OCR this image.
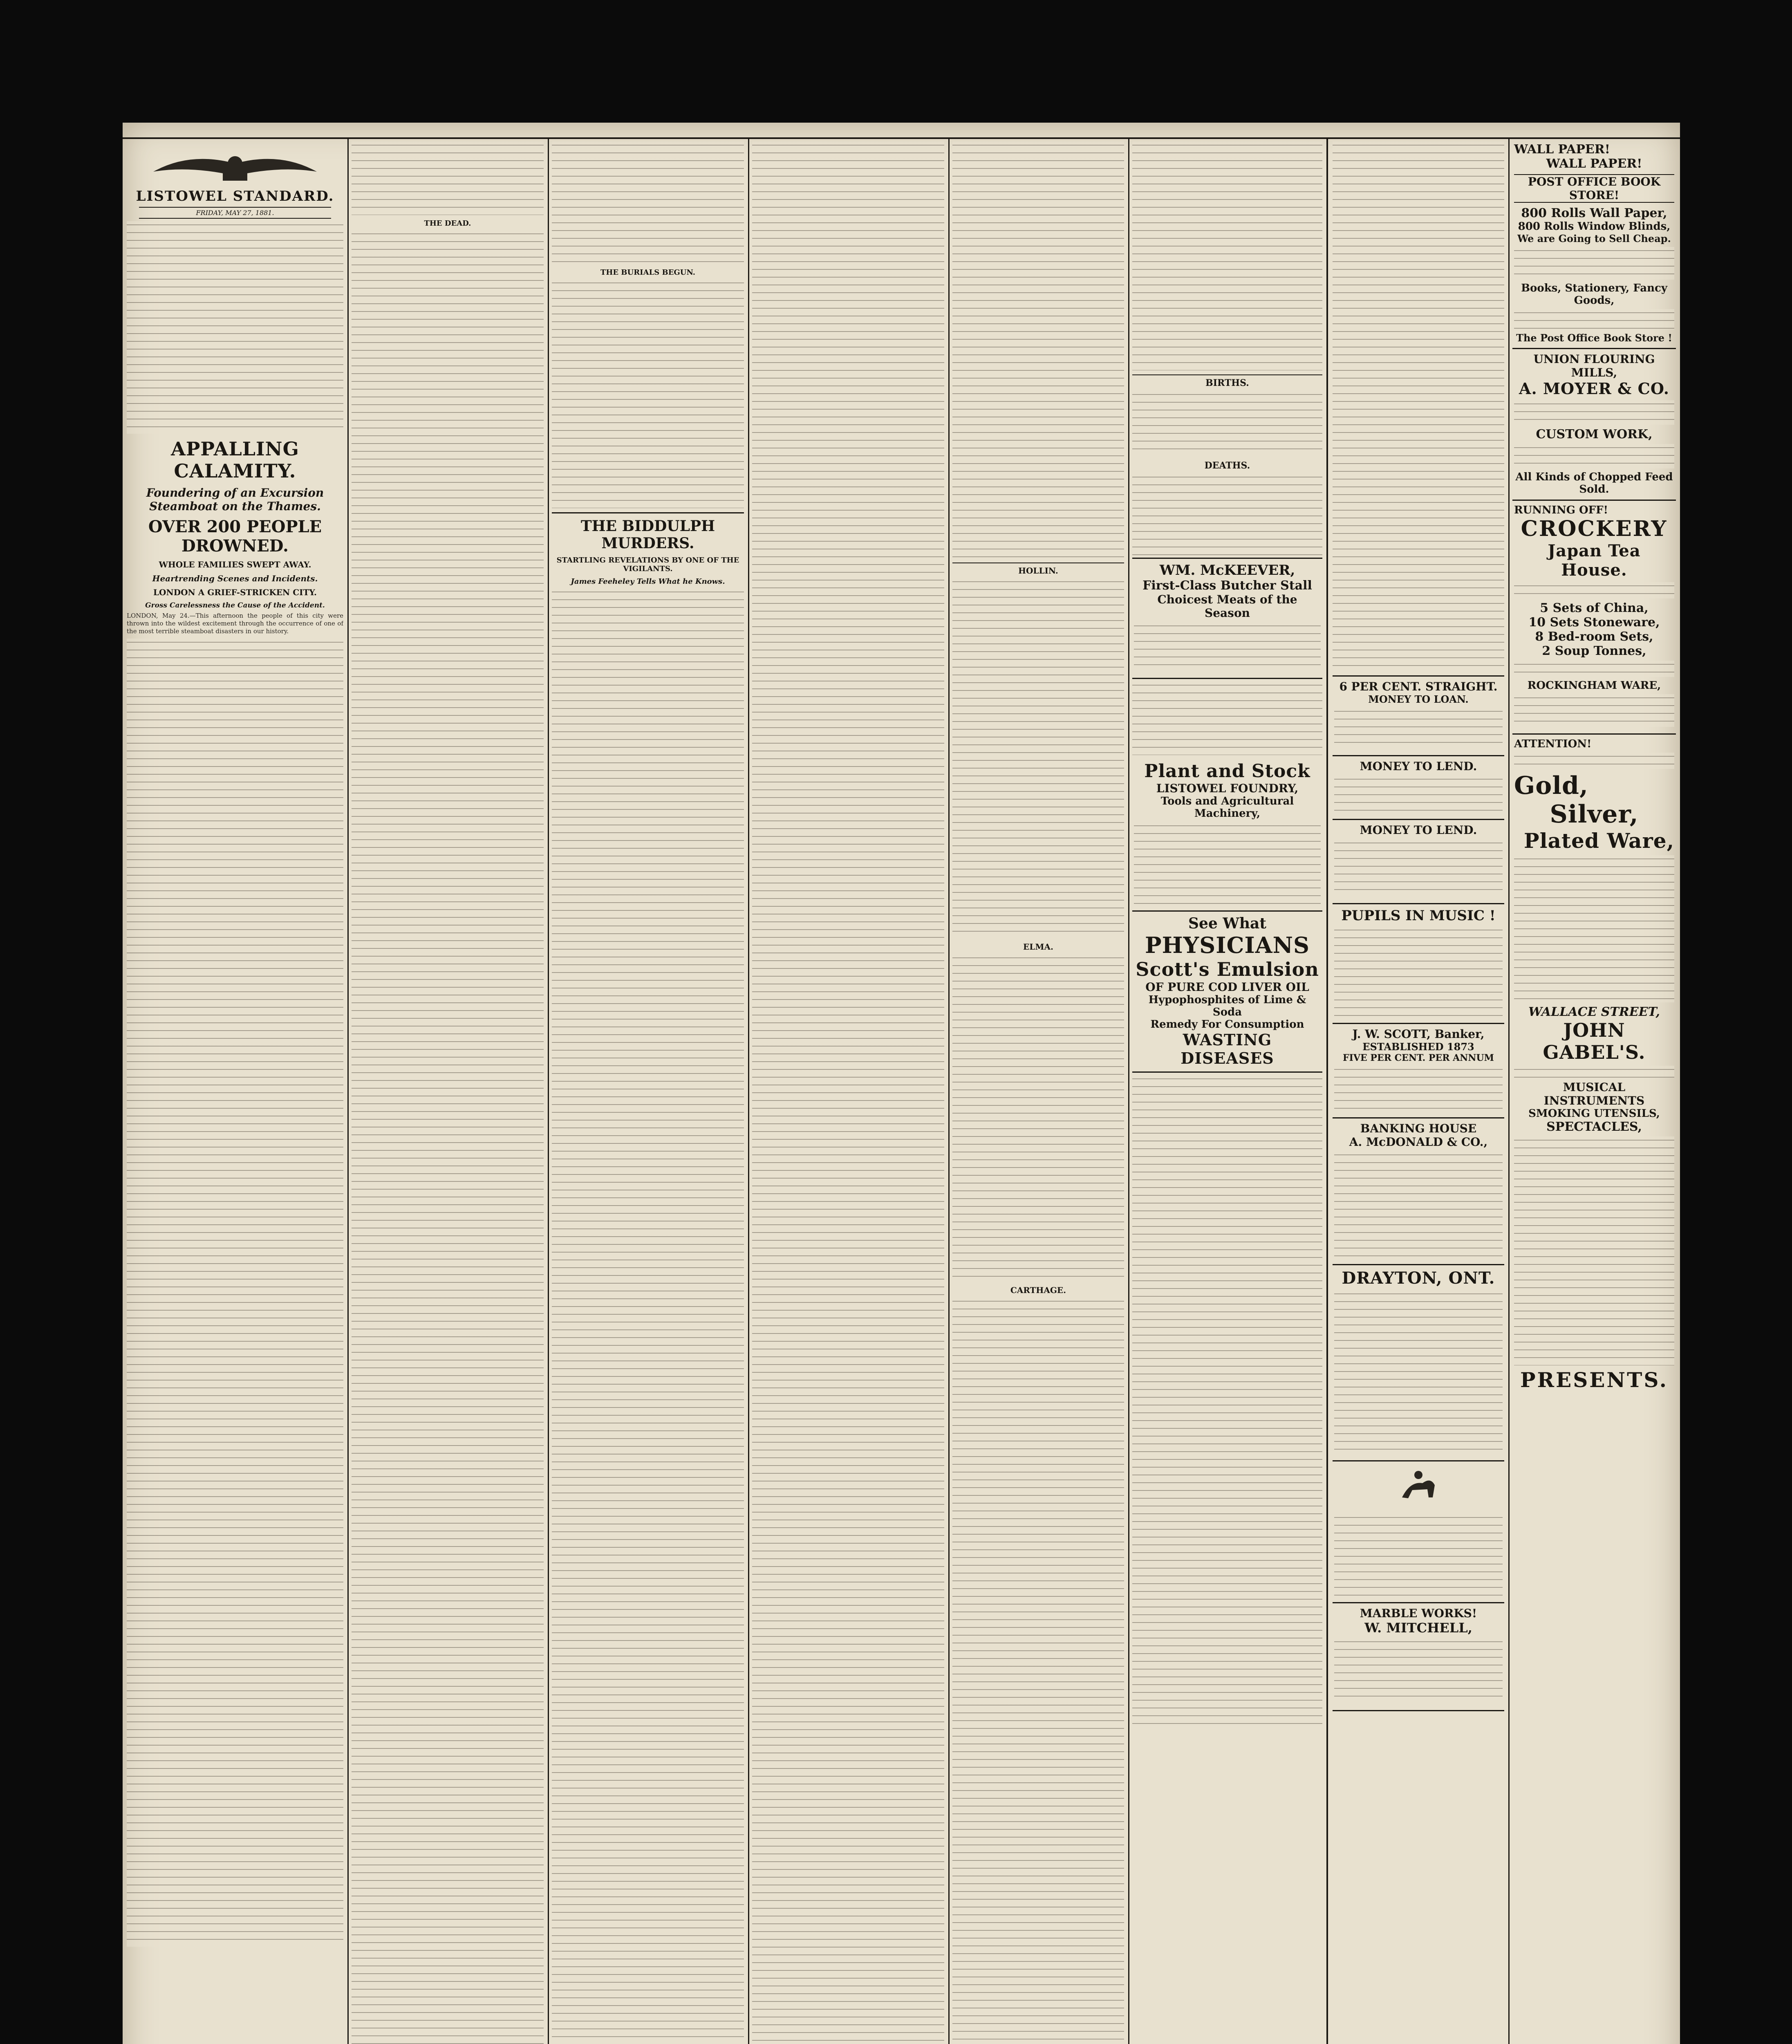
LISTOWEL STANDARD.
FRIDAY, MAY 27, 1881.
APPALLING CALAMITY.
Foundering of an Excursion Steamboat on the Thames.
OVER 200 PEOPLE DROWNED.
WHOLE FAMILIES SWEPT AWAY.
Heartrending Scenes and Incidents.
LONDON A GRIEF-STRICKEN CITY.
Gross Carelessness the Cause of the Accident.

LONDON, May 24.—This afternoon the people of this city were thrown into the wildest excitement through the occurrence of one of the most terrible steamboat disasters in our history.

THE DEAD.
THE BURIALS BEGUN.
THE BIDDULPH MURDERS.
STARTLING REVELATIONS BY ONE OF THE VIGILANTS.
James Feeheley Tells What he Knows.
HOLLIN.
ELMA.
CARTHAGE.
BIRTHS.
DEATHS.
WM. McKEEVER,
First-Class Butcher Stall
Choicest Meats of the Season
Plant and Stock
LISTOWEL FOUNDRY,
Tools and Agricultural Machinery,
See What
PHYSICIANS
Scott's Emulsion
OF PURE COD LIVER OIL
Hypophosphites of Lime & Soda
Remedy For Consumption
WASTING DISEASES
6 PER CENT. STRAIGHT.
MONEY TO LOAN.
MONEY TO LEND.
MONEY TO LEND.
PUPILS IN MUSIC !
J. W. SCOTT, Banker,
ESTABLISHED 1873
FIVE PER CENT. PER ANNUM
BANKING HOUSE
A. McDONALD & CO.,
DRAYTON, ONT.
MARBLE WORKS!
W. MITCHELL,
WALL PAPER!
WALL PAPER!
POST OFFICE BOOK STORE!
800 Rolls Wall Paper,
800 Rolls Window Blinds,
We are Going to Sell Cheap.
Books, Stationery, Fancy Goods,
The Post Office Book Store !
UNION FLOURING MILLS,
A. MOYER & CO.
CUSTOM WORK,
All Kinds of Chopped Feed Sold.
RUNNING OFF!
CROCKERY
Japan Tea House.
5 Sets of China,
10 Sets Stoneware,
8 Bed-room Sets,
2 Soup Tonnes,
ROCKINGHAM WARE,
ATTENTION!
Gold,
Silver,
Plated Ware,
WALLACE STREET,
JOHN GABEL'S.
MUSICAL INSTRUMENTS
SMOKING UTENSILS,
SPECTACLES,
PRESENTS.
